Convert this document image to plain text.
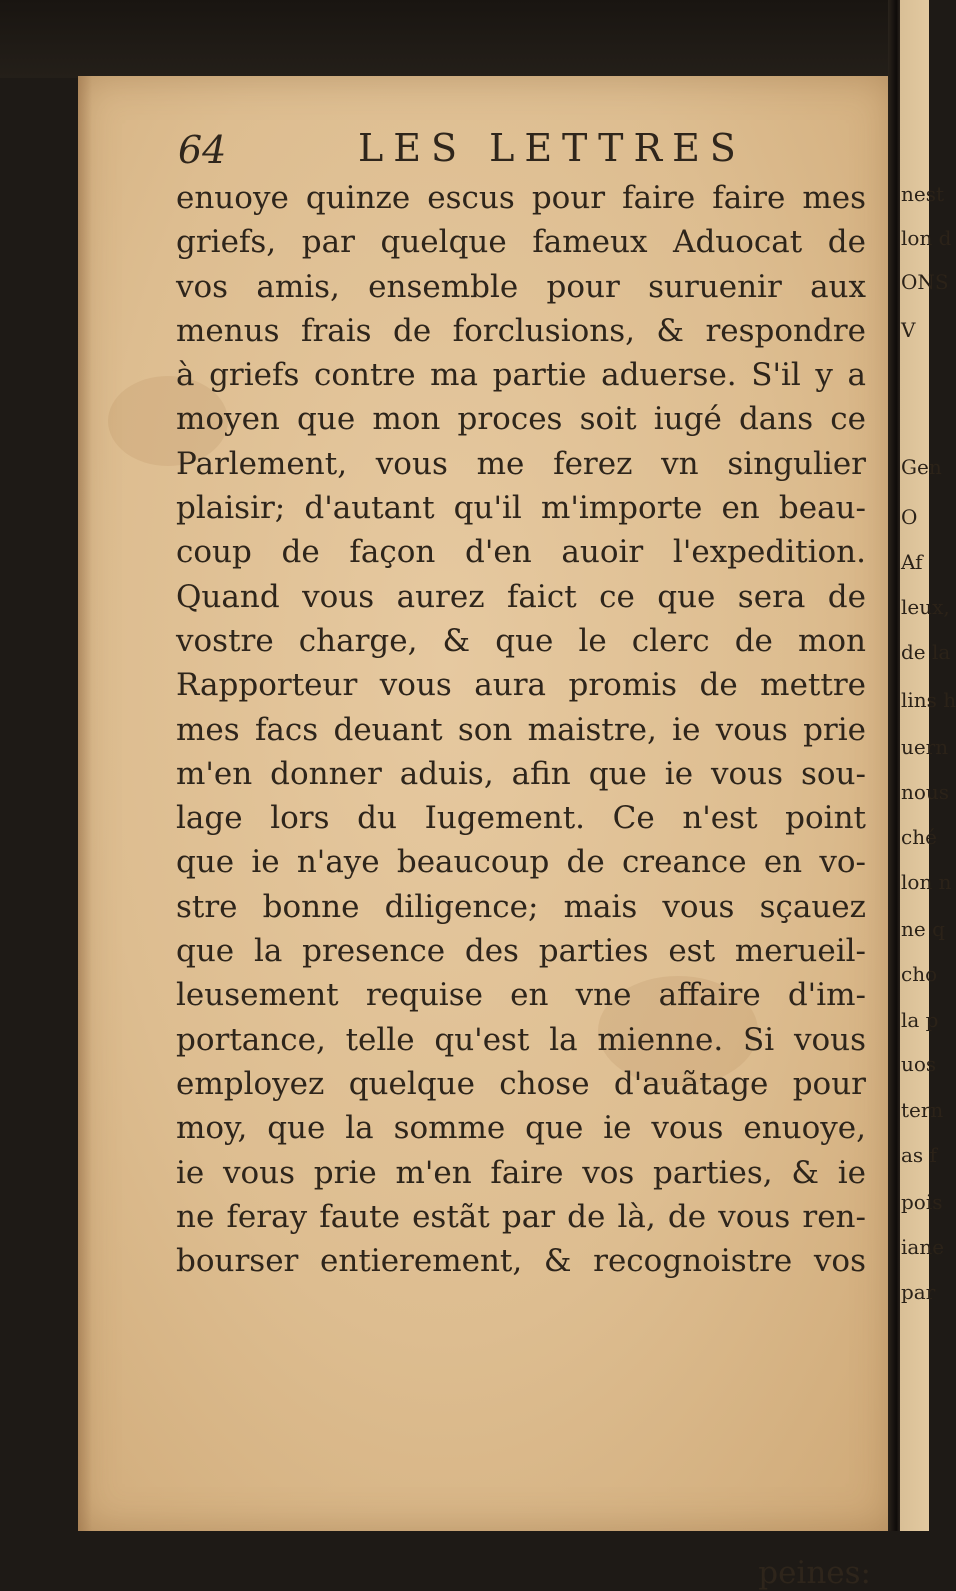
64	LES LETTRES
enuoye quinze escus pour faire faire mes
griefs, par quelque fameux Aduocat de
vos amis, ensemble pour suruenir aux
menus frais de forclusions, & respondre
à griefs contre ma partie aduerse. S'il y a
moyen que mon proces soit iugé dans ce
Parlement, vous me ferez vn singulier
plaisir; d'autant qu'il m'importe en beau-
coup de façon d'en auoir l'expedition.
Quand vous aurez faict ce que sera de
vostre charge, & que le clerc de mon
Rapporteur vous aura promis de mettre
mes facs deuant son maistre, ie vous prie
m'en donner aduis, afin que ie vous sou-
lage lors du Iugement. Ce n'est point
que ie n'aye beaucoup de creance en vo-
stre bonne diligence; mais vous sçauez
que la presence des parties est merueil-
leusement requise en vne affaire d'im-
portance, telle qu'est la mienne. Si vous
employez quelque chose d'auãtage pour
moy, que la somme que ie vous enuoye,
ie vous prie m'en faire vos parties, & ie
ne feray faute estãt par de là, de vous ren-
bourser entierement, & recognoistre vos
peines:
nest
lon d
ONS
V
Gen
O
Af
leux,
de la
lins h
uern
nous
ché
lon n
ne q
cho
la p
uos
tern
as f
pois
iane
par
